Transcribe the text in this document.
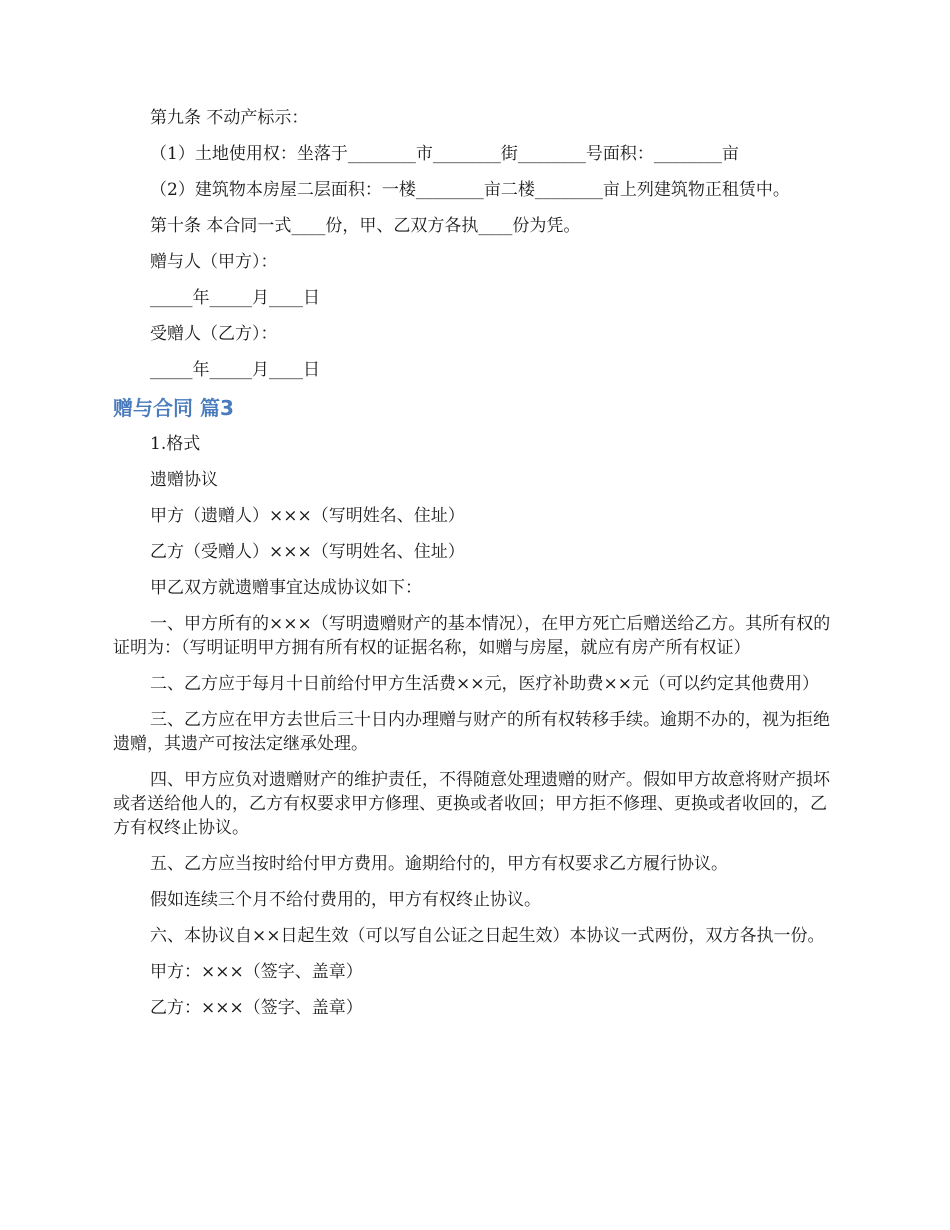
第九条 不动产标示：

（1）土地使用权：坐落于________市________街________号面积：________亩

（2）建筑物本房屋二层面积：一楼________亩二楼________亩上列建筑物正租赁中。

第十条 本合同一式____份，甲、乙双方各执____份为凭。

赠与人（甲方）：

_____年_____月____日

受赠人（乙方）：

_____年_____月____日

赠与合同 篇3

1.格式

遗赠协议

甲方（遗赠人）×××（写明姓名、住址）

乙方（受赠人）×××（写明姓名、住址）

甲乙双方就遗赠事宜达成协议如下：

一、甲方所有的×××（写明遗赠财产的基本情况），在甲方死亡后赠送给乙方。其所有权的证明为：（写明证明甲方拥有所有权的证据名称，如赠与房屋，就应有房产所有权证）

二、乙方应于每月十日前给付甲方生活费××元，医疗补助费××元（可以约定其他费用）

三、乙方应在甲方去世后三十日内办理赠与财产的所有权转移手续。逾期不办的，视为拒绝遗赠，其遗产可按法定继承处理。

四、甲方应负对遗赠财产的维护责任，不得随意处理遗赠的财产。假如甲方故意将财产损坏或者送给他人的，乙方有权要求甲方修理、更换或者收回；甲方拒不修理、更换或者收回的，乙方有权终止协议。

五、乙方应当按时给付甲方费用。逾期给付的，甲方有权要求乙方履行协议。

假如连续三个月不给付费用的，甲方有权终止协议。

六、本协议自××日起生效（可以写自公证之日起生效）本协议一式两份，双方各执一份。

甲方：×××（签字、盖章）

乙方：×××（签字、盖章）
